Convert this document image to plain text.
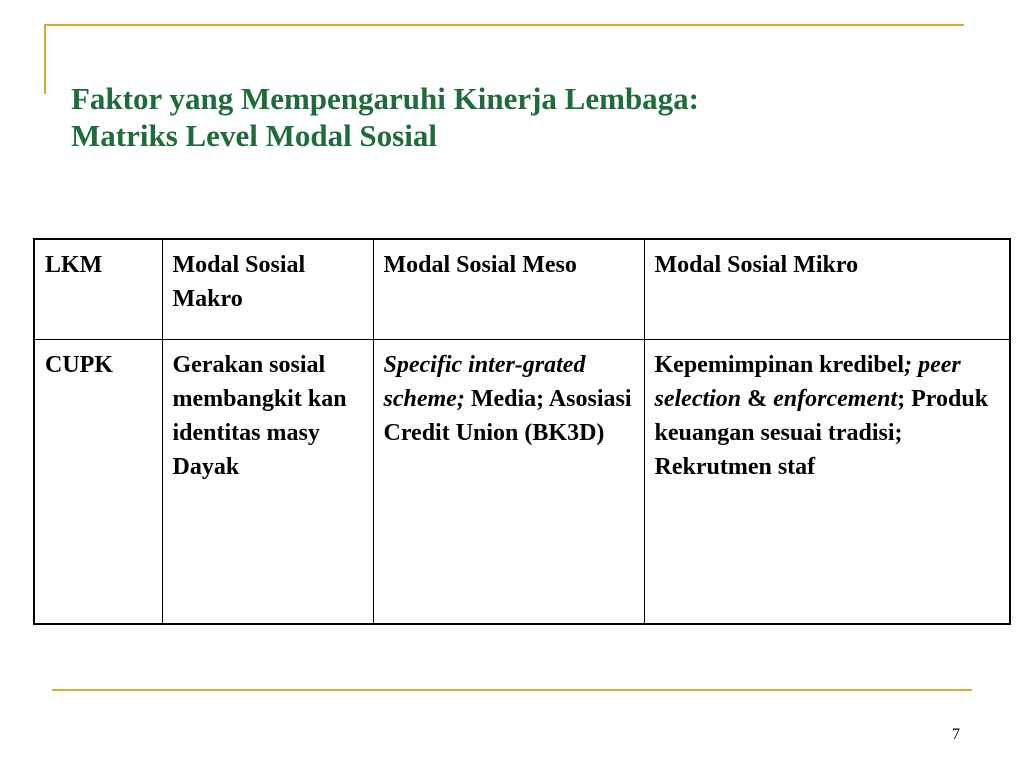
Faktor yang Mempengaruhi Kinerja Lembaga:
Matriks Level Modal Sosial
LKM	Modal Sosial Makro	Modal Sosial Meso	Modal Sosial Mikro
CUPK	Gerakan sosial membangkit kan identitas masy Dayak	Specific inter-grated scheme; Media; Asosiasi Credit Union (BK3D)	Kepemimpinan kredibel; peer selection & enforcement; Produk keuangan sesuai tradisi; Rekrutmen staf
7
